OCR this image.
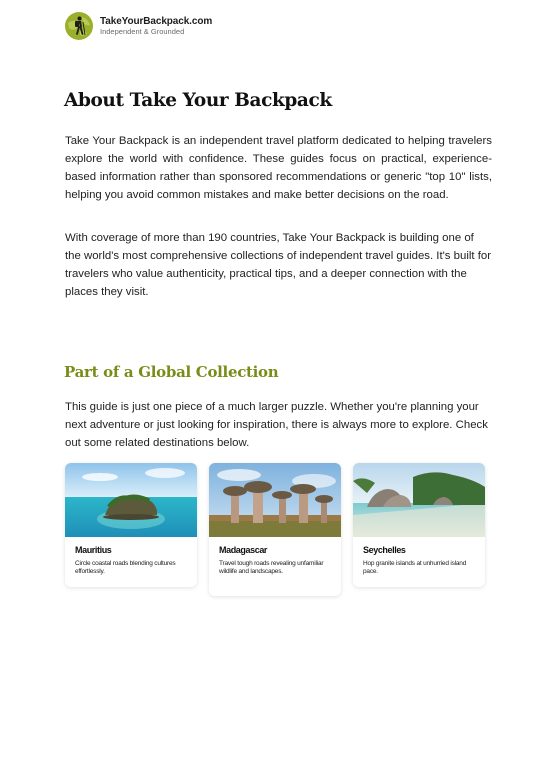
TakeYourBackpack.com
Independent & Grounded
About Take Your Backpack

Take Your Backpack is an independent travel platform dedicated to helping travelers explore the world with confidence. These guides focus on practical, experience-based information rather than sponsored recommendations or generic "top 10" lists, helping you avoid common mistakes and make better decisions on the road.

With coverage of more than 190 countries, Take Your Backpack is building one of the world's most comprehensive collections of independent travel guides. It's built for travelers who value authenticity, practical tips, and a deeper connection with the places they visit.

Part of a Global Collection

This guide is just one piece of a much larger puzzle. Whether you're planning your next adventure or just looking for inspiration, there is always more to explore. Check out some related destinations below.

Mauritius
Circle coastal roads blending cultures effortlessly.
Madagascar
Travel tough roads revealing unfamiliar wildlife and landscapes.
Seychelles
Hop granite islands at unhurried island pace.
